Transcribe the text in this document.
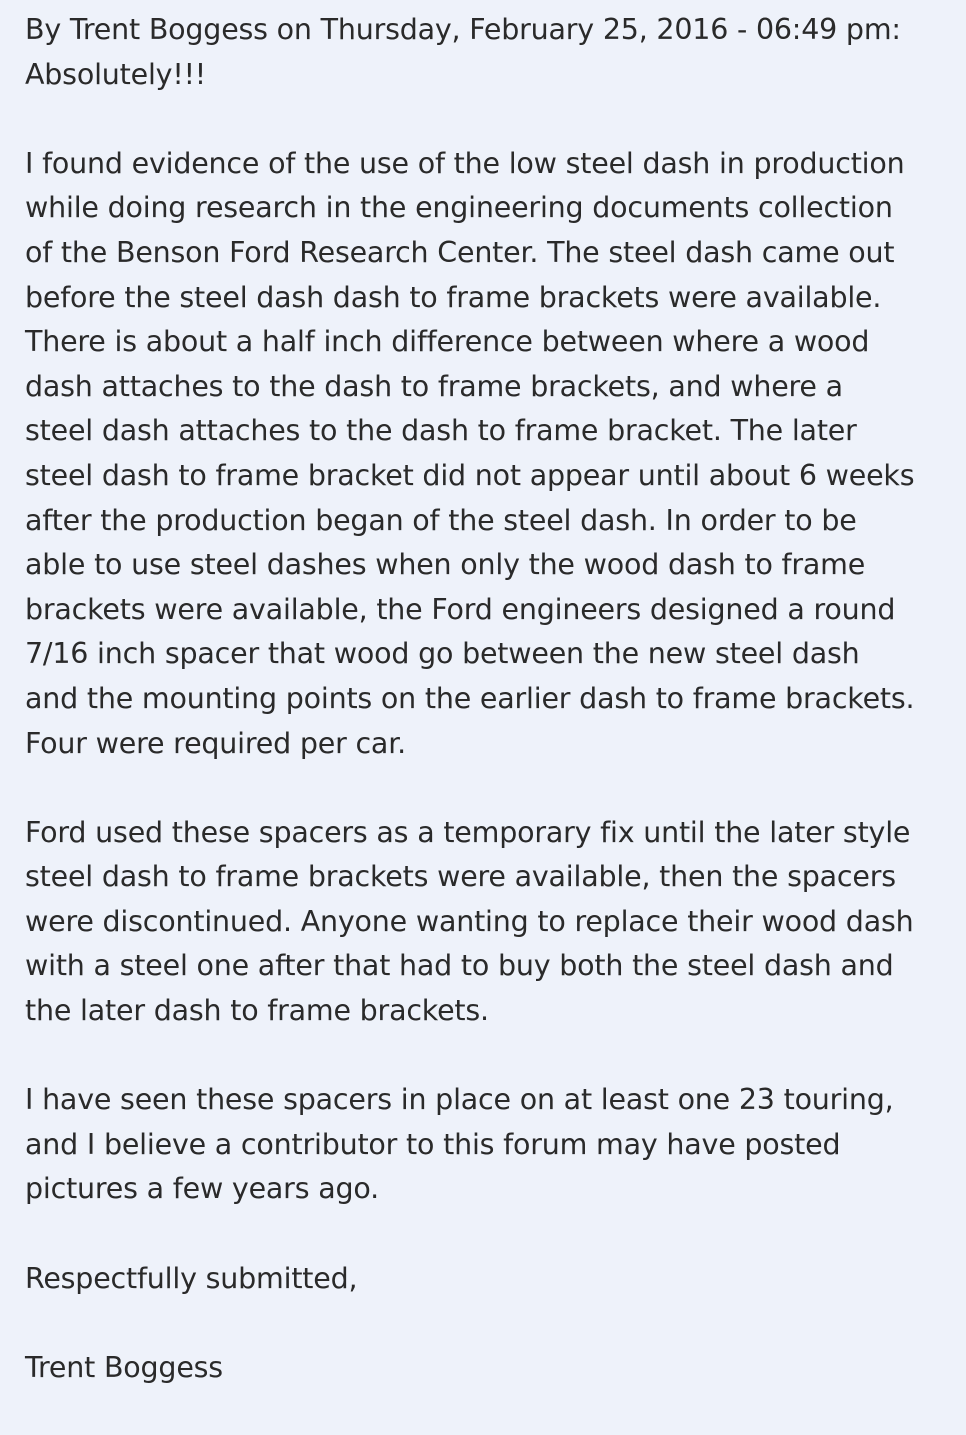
By Trent Boggess on Thursday, February 25, 2016 - 06:49 pm:
Absolutely!!!

I found evidence of the use of the low steel dash in production
while doing research in the engineering documents collection
of the Benson Ford Research Center. The steel dash came out
before the steel dash dash to frame brackets were available.
There is about a half inch difference between where a wood
dash attaches to the dash to frame brackets, and where a
steel dash attaches to the dash to frame bracket. The later
steel dash to frame bracket did not appear until about 6 weeks
after the production began of the steel dash. In order to be
able to use steel dashes when only the wood dash to frame
brackets were available, the Ford engineers designed a round
7/16 inch spacer that wood go between the new steel dash
and the mounting points on the earlier dash to frame brackets.
Four were required per car.

Ford used these spacers as a temporary fix until the later style
steel dash to frame brackets were available, then the spacers
were discontinued. Anyone wanting to replace their wood dash
with a steel one after that had to buy both the steel dash and
the later dash to frame brackets.

I have seen these spacers in place on at least one 23 touring,
and I believe a contributor to this forum may have posted
pictures a few years ago.

Respectfully submitted,

Trent Boggess
